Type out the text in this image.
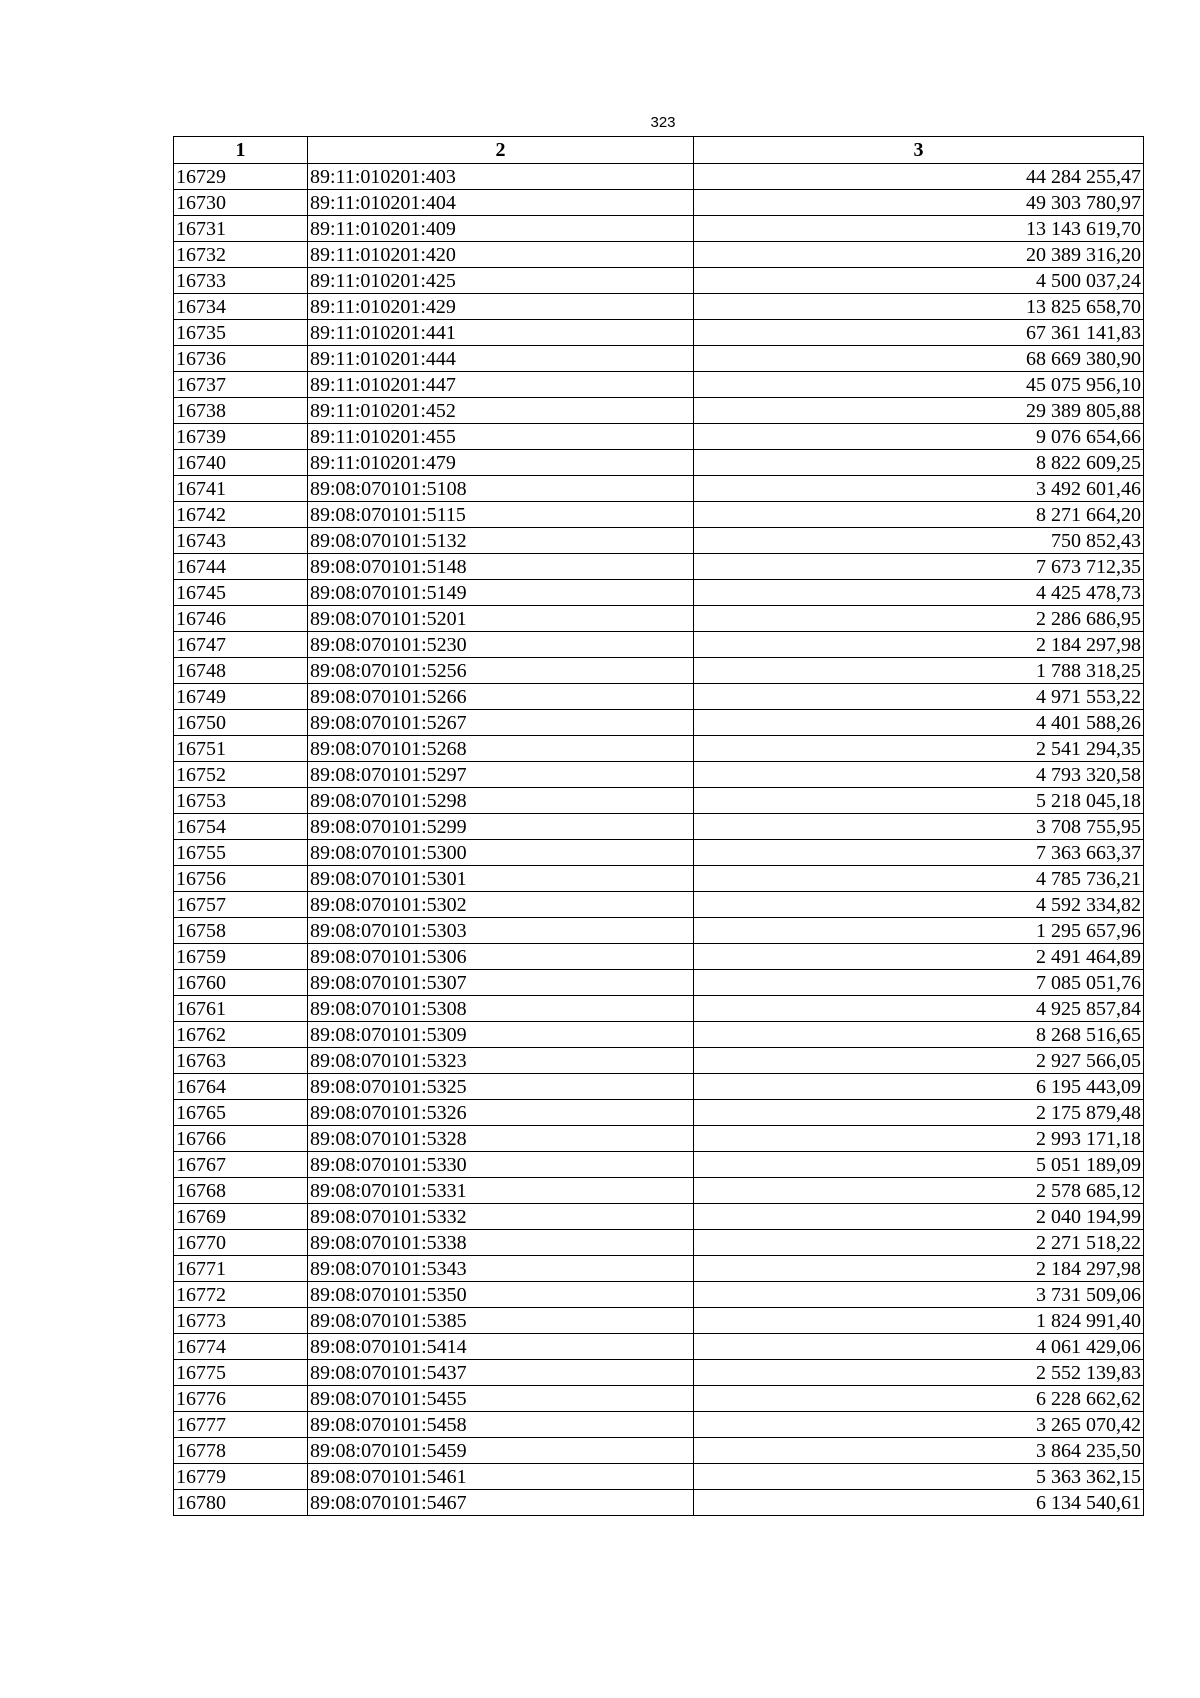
323
1	2	3
16729	89:11:010201:403	44 284 255,47
16730	89:11:010201:404	49 303 780,97
16731	89:11:010201:409	13 143 619,70
16732	89:11:010201:420	20 389 316,20
16733	89:11:010201:425	4 500 037,24
16734	89:11:010201:429	13 825 658,70
16735	89:11:010201:441	67 361 141,83
16736	89:11:010201:444	68 669 380,90
16737	89:11:010201:447	45 075 956,10
16738	89:11:010201:452	29 389 805,88
16739	89:11:010201:455	9 076 654,66
16740	89:11:010201:479	8 822 609,25
16741	89:08:070101:5108	3 492 601,46
16742	89:08:070101:5115	8 271 664,20
16743	89:08:070101:5132	750 852,43
16744	89:08:070101:5148	7 673 712,35
16745	89:08:070101:5149	4 425 478,73
16746	89:08:070101:5201	2 286 686,95
16747	89:08:070101:5230	2 184 297,98
16748	89:08:070101:5256	1 788 318,25
16749	89:08:070101:5266	4 971 553,22
16750	89:08:070101:5267	4 401 588,26
16751	89:08:070101:5268	2 541 294,35
16752	89:08:070101:5297	4 793 320,58
16753	89:08:070101:5298	5 218 045,18
16754	89:08:070101:5299	3 708 755,95
16755	89:08:070101:5300	7 363 663,37
16756	89:08:070101:5301	4 785 736,21
16757	89:08:070101:5302	4 592 334,82
16758	89:08:070101:5303	1 295 657,96
16759	89:08:070101:5306	2 491 464,89
16760	89:08:070101:5307	7 085 051,76
16761	89:08:070101:5308	4 925 857,84
16762	89:08:070101:5309	8 268 516,65
16763	89:08:070101:5323	2 927 566,05
16764	89:08:070101:5325	6 195 443,09
16765	89:08:070101:5326	2 175 879,48
16766	89:08:070101:5328	2 993 171,18
16767	89:08:070101:5330	5 051 189,09
16768	89:08:070101:5331	2 578 685,12
16769	89:08:070101:5332	2 040 194,99
16770	89:08:070101:5338	2 271 518,22
16771	89:08:070101:5343	2 184 297,98
16772	89:08:070101:5350	3 731 509,06
16773	89:08:070101:5385	1 824 991,40
16774	89:08:070101:5414	4 061 429,06
16775	89:08:070101:5437	2 552 139,83
16776	89:08:070101:5455	6 228 662,62
16777	89:08:070101:5458	3 265 070,42
16778	89:08:070101:5459	3 864 235,50
16779	89:08:070101:5461	5 363 362,15
16780	89:08:070101:5467	6 134 540,61
